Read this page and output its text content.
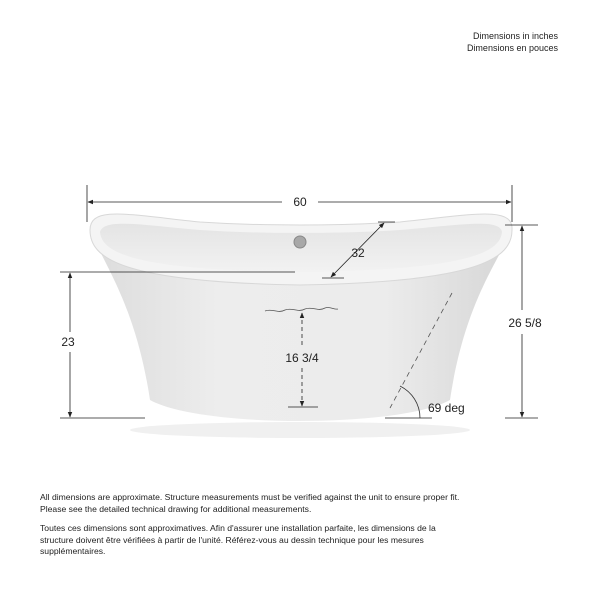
Dimensions in inches
Dimensions en pouces
60
32
23
26 5/8
16 3/4
69 deg

All dimensions are approximate. Structure measurements must be verified against the unit to ensure proper fit. Please see the detailed technical drawing for additional measurements.

Toutes ces dimensions sont approximatives. Afin d'assurer une installation parfaite, les dimensions de la structure doivent être vérifiées à partir de l'unité. Référez-vous au dessin technique pour les mesures supplémentaires.
